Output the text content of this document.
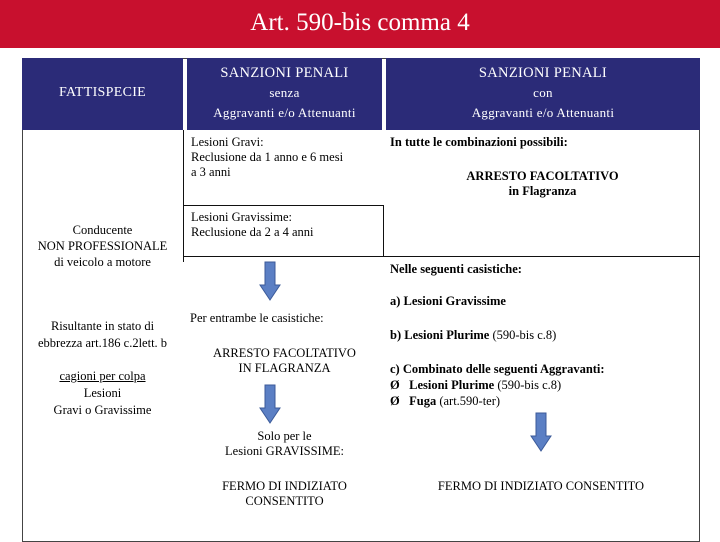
Art. 590-bis comma 4
FATTISPECIE
SANZIONI PENALI
senza
Aggravanti e/o Attenuanti
SANZIONI PENALI
con
Aggravanti e/o Attenuanti
Conducente
NON PROFESSIONALE
di veicolo a motore
Risultante in stato di
ebbrezza art.186 c.2lett. b
cagioni per colpa
Lesioni
Gravi o Gravissime
Lesioni Gravi:
Reclusione da 1 anno e 6 mesi
a 3 anni
Lesioni Gravissime:
Reclusione da 2 a 4 anni
Per entrambe le casistiche:
ARRESTO FACOLTATIVO
IN FLAGRANZA
Solo per le
Lesioni GRAVISSIME:
FERMO DI INDIZIATO
CONSENTITO
In tutte le combinazioni possibili:
ARRESTO FACOLTATIVO
in Flagranza
Nelle seguenti casistiche:
a) Lesioni Gravissime
b) Lesioni Plurime (590-bis c.8)
c) Combinato delle seguenti Aggravanti:
Ø Lesioni Plurime (590-bis c.8)
Ø Fuga (art.590-ter)
FERMO DI INDIZIATO CONSENTITO
